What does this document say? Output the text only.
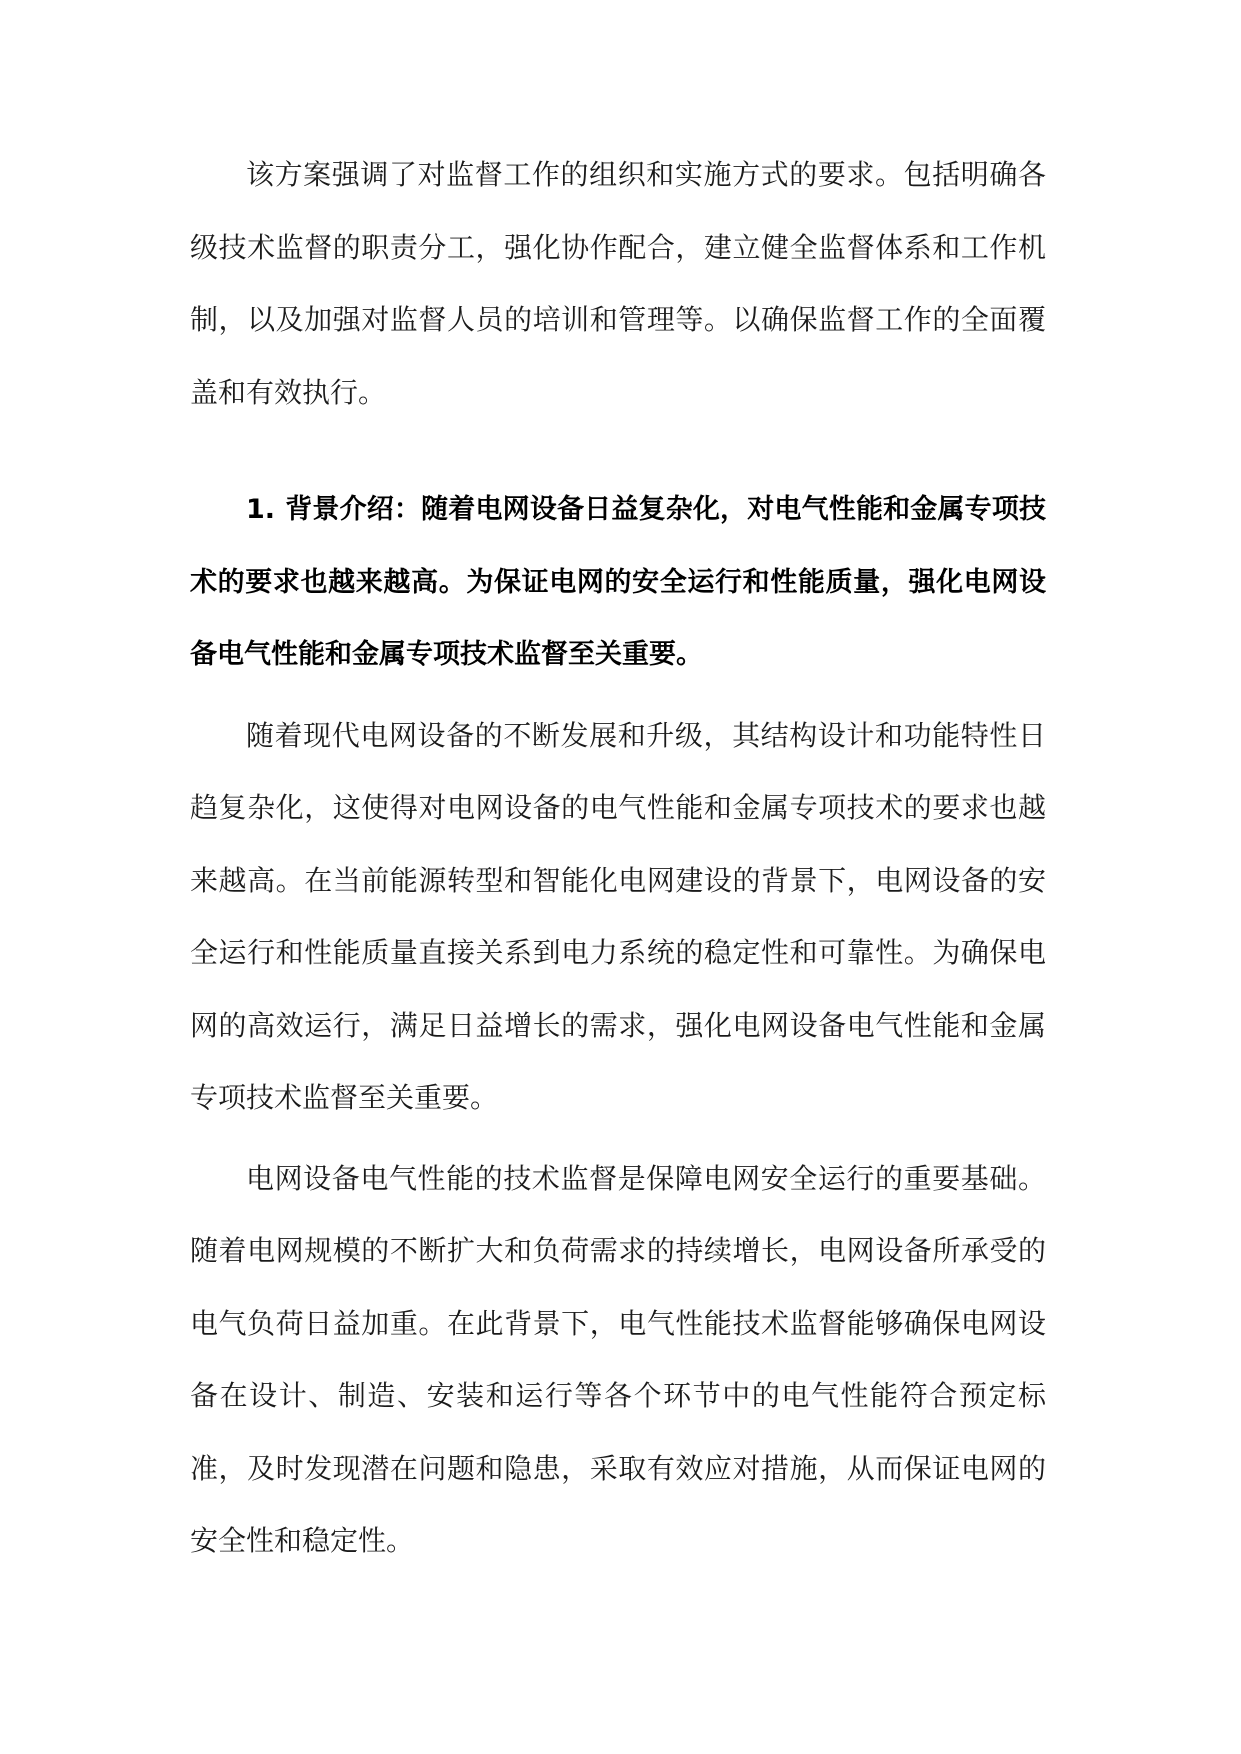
该方案强调了对监督工作的组织和实施方式的要求。包括明确各级技术监督的职责分工，强化协作配合，建立健全监督体系和工作机制，以及加强对监督人员的培训和管理等。以确保监督工作的全面覆盖和有效执行。

1. 背景介绍：随着电网设备日益复杂化，对电气性能和金属专项技术的要求也越来越高。为保证电网的安全运行和性能质量，强化电网设备电气性能和金属专项技术监督至关重要。

随着现代电网设备的不断发展和升级，其结构设计和功能特性日趋复杂化，这使得对电网设备的电气性能和金属专项技术的要求也越来越高。在当前能源转型和智能化电网建设的背景下，电网设备的安全运行和性能质量直接关系到电力系统的稳定性和可靠性。为确保电网的高效运行，满足日益增长的需求，强化电网设备电气性能和金属专项技术监督至关重要。

电网设备电气性能的技术监督是保障电网安全运行的重要基础。随着电网规模的不断扩大和负荷需求的持续增长，电网设备所承受的电气负荷日益加重。在此背景下，电气性能技术监督能够确保电网设备在设计、制造、安装和运行等各个环节中的电气性能符合预定标准，及时发现潜在问题和隐患，采取有效应对措施，从而保证电网的安全性和稳定性。
